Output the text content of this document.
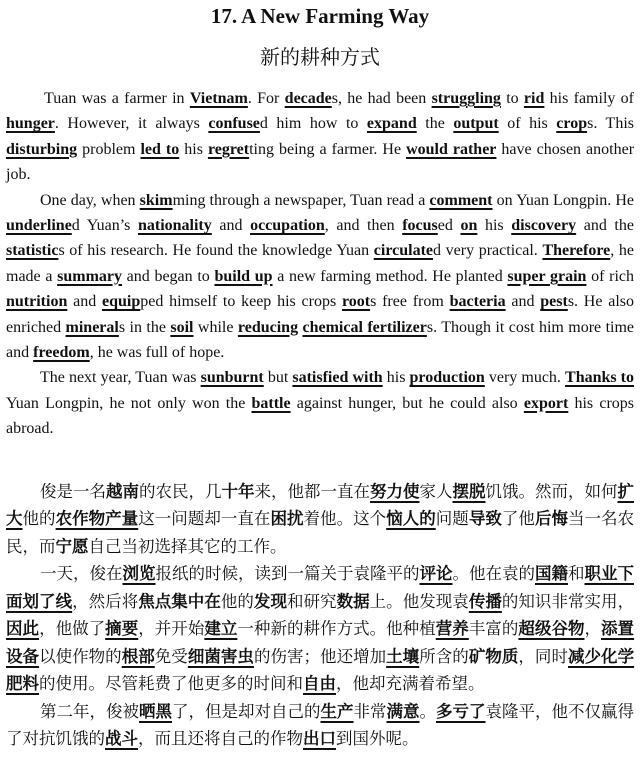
17. A New Farming Way
新的耕种方式

Tuan was a farmer in Vietnam. For decades, he had been struggling to rid his family of hunger. However, it always confused him how to expand the output of his crops. This disturbing problem led to his regretting being a farmer. He would rather have chosen another job.

One day, when skimming through a newspaper, Tuan read a comment on Yuan Longpin. He underlined Yuan’s nationality and occupation, and then focused on his discovery and the statistics of his research. He found the knowledge Yuan circulated very practical. Therefore, he made a summary and began to build up a new farming method. He planted super grain of rich nutrition and equipped himself to keep his crops roots free from bacteria and pests. He also enriched minerals in the soil while reducing chemical fertilizers. Though it cost him more time and freedom, he was full of hope.

The next year, Tuan was sunburnt but satisfied with his production very much. Thanks to Yuan Longpin, he not only won the battle against hunger, but he could also export his crops abroad.

俊是一名越南的农民，几十年来，他都一直在努力使家人摆脱饥饿。然而，如何扩大他的农作物产量这一问题却一直在困扰着他。这个恼人的问题导致了他后悔当一名农民，而宁愿自己当初选择其它的工作。

一天，俊在浏览报纸的时候，读到一篇关于袁隆平的评论。他在袁的国籍和职业下面划了线，然后将焦点集中在他的发现和研究数据上。他发现袁传播的知识非常实用，因此，他做了摘要，并开始建立一种新的耕作方式。他种植营养丰富的超级谷物，添置设备以使作物的根部免受细菌害虫的伤害；他还增加土壤所含的矿物质，同时减少化学肥料的使用。尽管耗费了他更多的时间和自由，他却充满着希望。

第二年，俊被晒黑了，但是却对自己的生产非常满意。多亏了袁隆平，他不仅赢得了对抗饥饿的战斗，而且还将自己的作物出口到国外呢。
